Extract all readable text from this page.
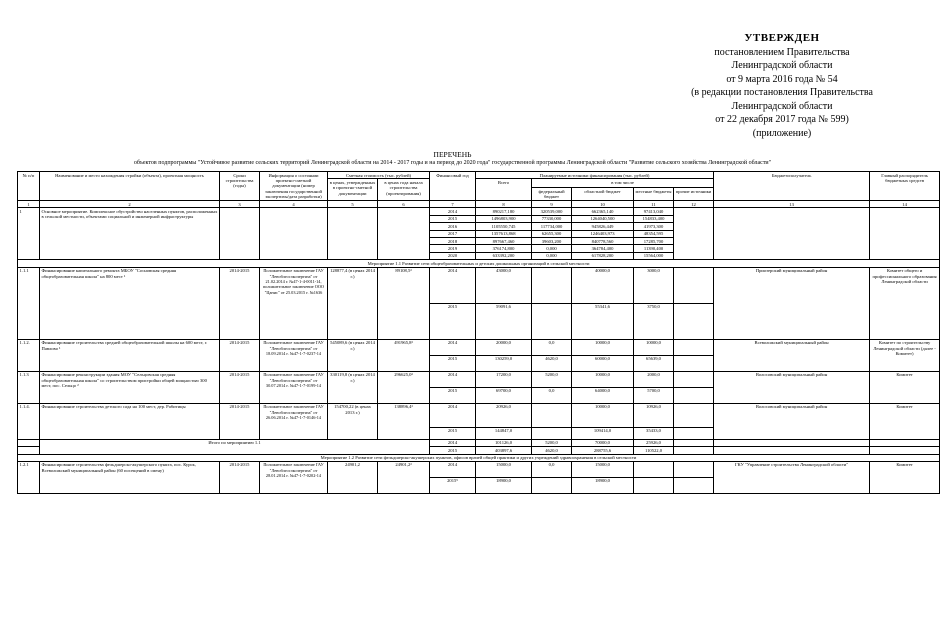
УТВЕРЖДЕН
постановлением Правительства
Ленинградской области
от 9 марта 2016 года № 54
(в редакции постановления Правительства
Ленинградской области
от 22 декабря 2017 года № 599)
(приложение)
ПЕРЕЧЕНЬ
объектов подпрограммы "Устойчивое развитие сельских территорий Ленинградской области на 2014 - 2017 годы и на период до 2020 года" государственной программы Ленинградской области "Развитие сельского хозяйства Ленинградской области"
№ п/п	Наименование и место нахождения стройки (объекта), проектная мощность	Сроки строительства (годы)	Информация о состоянии проектно-сметной документации (номер заключения государственной экспертизы/дата разработки)	Сметная стоимость (тыс. рублей)		Финансовый год	Планируемые источники финансирования (тыс. рублей)					Бюджетополучатель	Главный распорядитель бюджетных средств
				в ценах, утвержденных в проектно-сметной документации	в ценах года начала строительства (проектирования)		Всего	в том числе					
								федеральный бюджет	областной бюджет	местные бюджеты	прочие источники		
1	2	3	4	5	6	7	8	9	10	11	12	13	14
1	Основное мероприятие. Комплексное обустройство населенных пунктов, расположенных в сельской местности, объектами социальной и инженерной инфраструктуры					2014	890217,180	320539,000	662365,140	97413,040			
						2015	1496803,900	77330,000	1264040,500	154833,400			
						2016	1105550,745	117734,000	945826,449	41973,300			
						2017	1357613,868	62655,300	1246403,973	48354,595			
						2018	897667,460	39603,200	840778,560	17285,700			
						2019	376174,800	0,000	364784,400	11390,400			
						2020	633392,200	0,000	617828,200	15564,000			
Мероприятие 1.1 Развитие сети общеобразовательных и детских дошкольных организаций в сельской местности													
1.1.1	Финансирование капитального ремонта МБОУ "Сосновская средняя общеобразовательная школа" на 800 мест ¹	2014-2015	Положительное заключение ГАУ "Леноблгосэкспертиза" от 21.02.2014 г. №47-1-4-0011-14, положительное заключение ООО "Цанис" от 25.03.2015 г. №1636	128877,4 (в ценах 2014 г.)	89108,5³	2014	43000,0		40000,0	3000,0		Приозерский муниципальный район	Комитет общего и профессионального образования Ленинградской области
						2015	59091,6		55341,6	3750,0			
1.1.2.	Финансирование строительства средней общеобразовательной школы на 600 мест, г. Павлово ¹	2014-2015	Положительное заключение ГАУ "Леноблгосэкспертиза" от 18.09.2014 г. №47-1-7-0237-14	545089,6 (в ценах 2014 г.)	491965,8³	2014	20000,0	0,0	10000,0	10000,0		Всеволожский муниципальный район	Комитет по строительству Ленинградской области (далее - Комитет)
						2015	130259,0	4620,0	60000,0	65639,0			
1.1.3	Финансирование реконструкции здания МОУ "Сельцовская средняя общеобразовательная школа" со строительством пристройки общей мощностью 300 мест, пос. Сельцо ²	2014-2015	Положительное заключение ГАУ "Леноблгосэкспертиза" от 30.07.2014 г. №47-1-7-0199-14	330119,8 (в ценах 2014 г.)	296625,0³	2014	17200,0	5200,0	10000,0	2000,0		Волосовский муниципальный район	Комитет
						2015	69700,0	0,0	64000,0	5700,0			
1.1.4.	Финансирование строительства детского сада на 100 мест, дер. Рабитицы	2014-2015	Положительное заключение ГАУ "Леноблгосэкспертиза" от 26.06.2014 г. №47-1-7-0146-14	154700,22 (в ценах 2013 г.)	138896,4³	2014	20926,0		10000,0	10926,0		Волосовский муниципальный район	Комитет
						2015	144847,0		109414,0	35433,0			
	Итого по мероприятию 1.1					2014	101126,0	5200,0	70000,0	25926,0			
						2015	403897,6	4620,0	288755,6	110522,0			
Мероприятие 1.2 Развитие сети фельдшерско-акушерских пунктов, офисов врачей общей практики и других учреждений здравоохранения в сельской местности													
1.2.1	Финансирование строительства фельдшерско-акушерского пункта, пос. Курск, Всеволожский муниципальный район (60 посещений в смену)	2014-2015	Положительное заключение ГАУ "Леноблгосэкспертиза" от 28.01.2014 г. №47-1-7-0202-14	24901,2	24901,2³	2014	15000,0	0,0	15000,0			ГКУ "Управление строительства Ленинградской области"	Комитет
						2015⁵	18900,0		18900,0				
